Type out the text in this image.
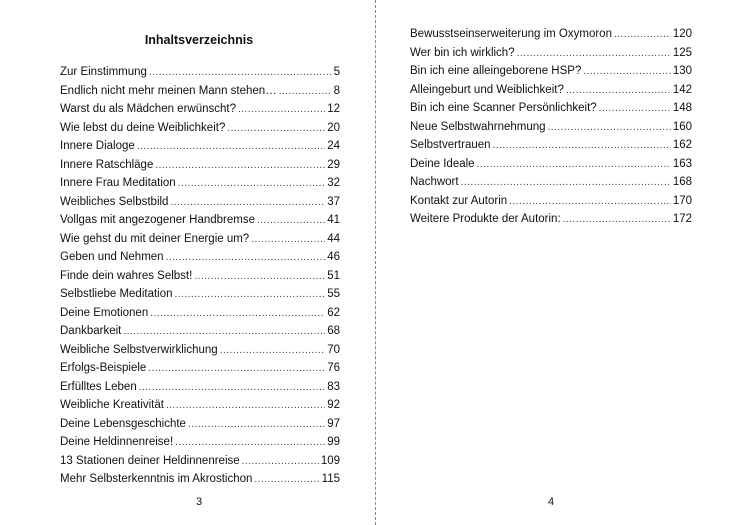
Inhaltsverzeichnis
Zur Einstimmung .....	5
Endlich nicht mehr meinen Mann stehen… .....	8
Warst du als Mädchen erwünscht? .....	12
Wie lebst du deine Weiblichkeit? .....	20
Innere Dialoge .....	24
Innere Ratschläge .....	29
Innere Frau Meditation .....	32
Weibliches Selbstbild .....	37
Vollgas mit angezogener Handbremse .....	41
Wie gehst du mit deiner Energie um? .....	44
Geben und Nehmen .....	46
Finde dein wahres Selbst! .....	51
Selbstliebe Meditation .....	55
Deine Emotionen .....	62
Dankbarkeit .....	68
Weibliche Selbstverwirklichung .....	70
Erfolgs-Beispiele .....	76
Erfülltes Leben .....	83
Weibliche Kreativität .....	92
Deine Lebensgeschichte .....	97
Deine Heldinnenreise! .....	99
13 Stationen deiner Heldinnenreise .....	109
Mehr Selbsterkenntnis im Akrostichon .....	115
3
Bewusstseinserweiterung im Oxymoron .....	120
Wer bin ich wirklich? .....	125
Bin ich eine alleingeborene HSP? .....	130
Alleingeburt und Weiblichkeit? .....	142
Bin ich eine Scanner Persönlichkeit? .....	148
Neue Selbstwahrnehmung .....	160
Selbstvertrauen .....	162
Deine Ideale .....	163
Nachwort .....	168
Kontakt zur Autorin .....	170
Weitere Produkte der Autorin: .....	172
4
